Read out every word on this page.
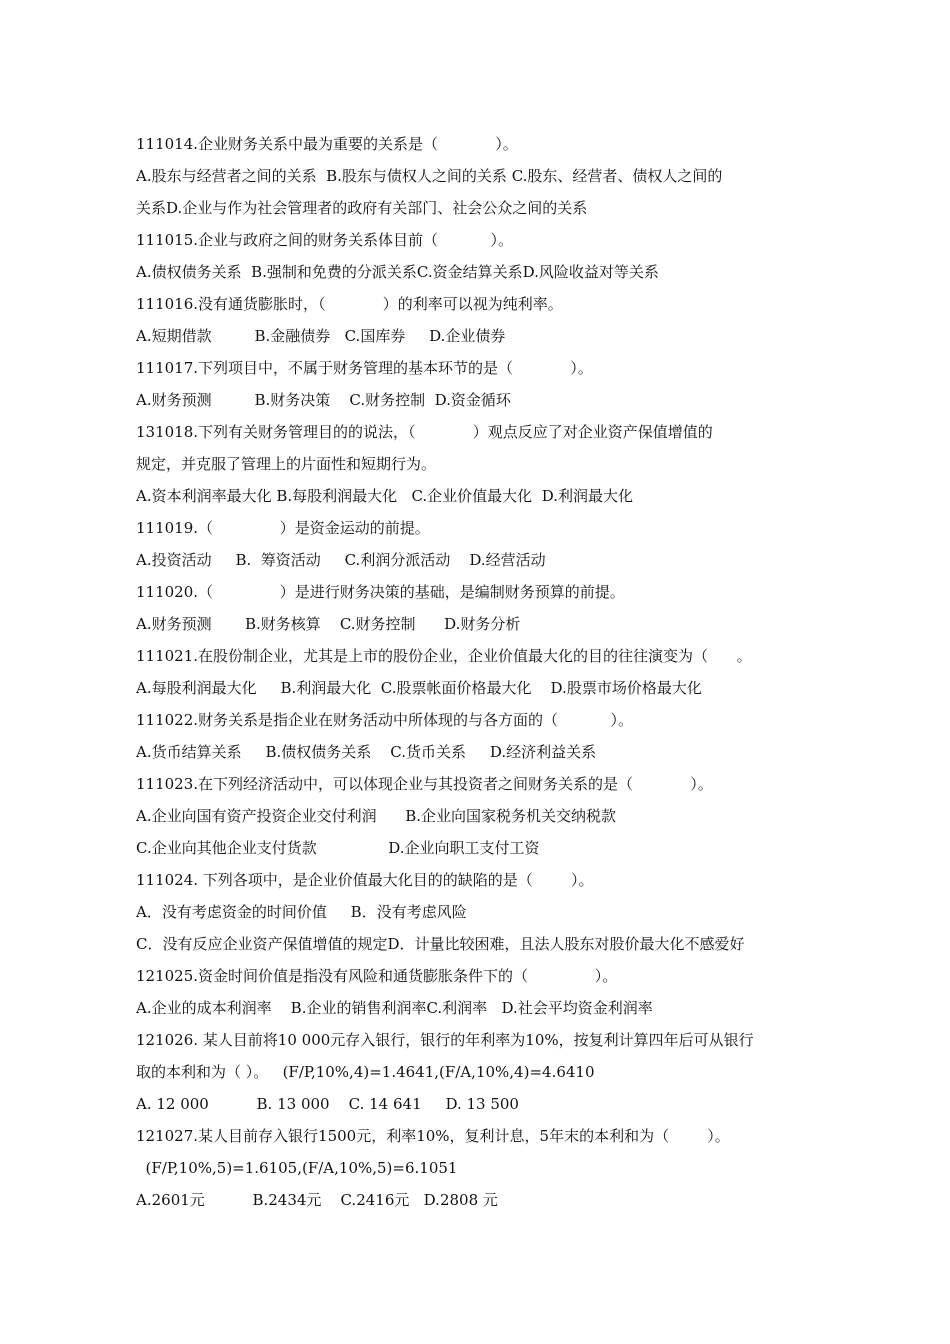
111014.企业财务关系中最为重要的关系是（            ）。
A.股东与经营者之间的关系  B.股东与债权人之间的关系 C.股东、经营者、债权人之间的
关系D.企业与作为社会管理者的政府有关部门、社会公众之间的关系
111015.企业与政府之间的财务关系体目前（           ）。
A.债权债务关系  B.强制和免费的分派关系C.资金结算关系D.风险收益对等关系
111016.没有通货膨胀时，（            ）的利率可以视为纯利率。
A.短期借款         B.金融债券   C.国库券     D.企业债券
111017.下列项目中，不属于财务管理的基本环节的是（            ）。
A.财务预测         B.财务决策    C.财务控制  D.资金循环
131018.下列有关财务管理目的的说法，（            ）观点反应了对企业资产保值增值的
规定，并克服了管理上的片面性和短期行为。
A.资本利润率最大化 B.每股利润最大化   C.企业价值最大化  D.利润最大化
111019.（              ）是资金运动的前提。
A.投资活动     B.  筹资活动     C.利润分派活动    D.经营活动
111020.（              ）是进行财务决策的基础，是编制财务预算的前提。
A.财务预测       B.财务核算    C.财务控制      D.财务分析
111021.在股份制企业，尤其是上市的股份企业，企业价值最大化的目的往往演变为（      。
A.每股利润最大化     B.利润最大化  C.股票帐面价格最大化    D.股票市场价格最大化
111022.财务关系是指企业在财务活动中所体现的与各方面的（           ）。
A.货币结算关系     B.债权债务关系    C.货币关系     D.经济利益关系
111023.在下列经济活动中，可以体现企业与其投资者之间财务关系的是（            ）。
A.企业向国有资产投资企业交付利润      B.企业向国家税务机关交纳税款
C.企业向其他企业支付货款               D.企业向职工支付工资
111024. 下列各项中，是企业价值最大化目的的缺陷的是（        ）。
A．没有考虑资金的时间价值     B．没有考虑风险
C．没有反应企业资产保值增值的规定D．计量比较困难，且法人股东对股价最大化不感爱好
121025.资金时间价值是指没有风险和通货膨胀条件下的（              ）。
A.企业的成本利润率    B.企业的销售利润率C.利润率   D.社会平均资金利润率
121026. 某人目前将10 000元存入银行，银行的年利率为10%，按复利计算四年后可从银行
取的本利和为（ ）。   (F/P,10%,4)=1.4641,(F/A,10%,4)=4.6410
A. 12 000          B. 13 000    C. 14 641     D. 13 500
121027.某人目前存入银行1500元，利率10%，复利计息，5年末的本利和为（        ）。
(F/P,10%,5)=1.6105,(F/A,10%,5)=6.1051
A.2601元          B.2434元    C.2416元   D.2808 元
